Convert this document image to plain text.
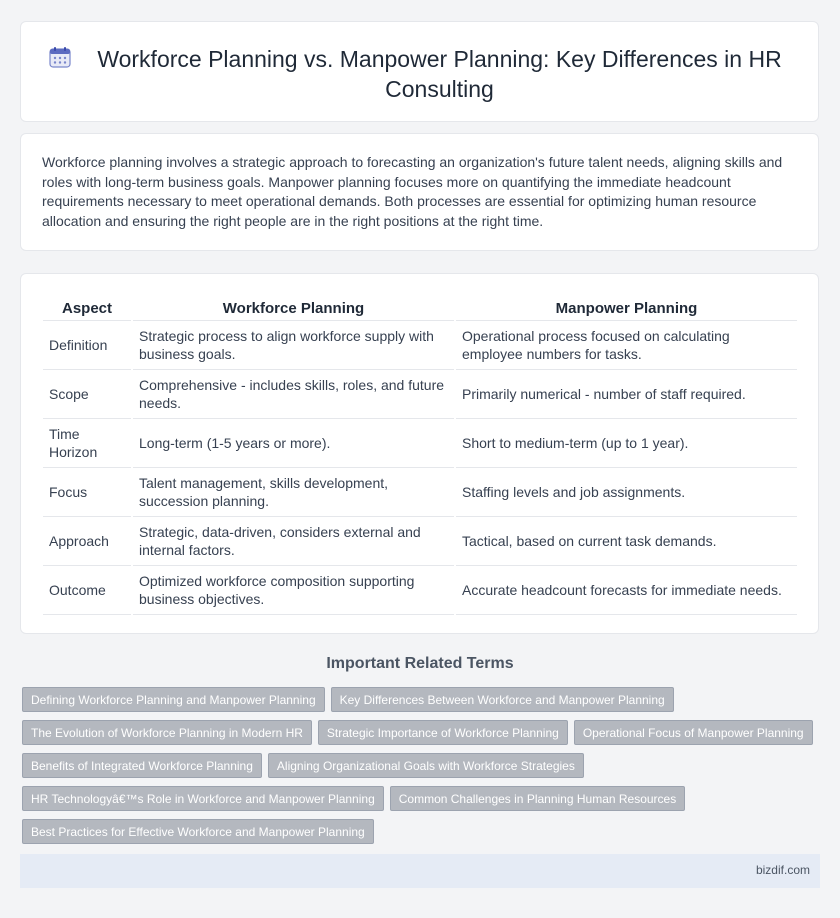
Workforce Planning vs. Manpower Planning: Key Differences in HR Consulting

Workforce planning involves a strategic approach to forecasting an organization's future talent needs, aligning skills and roles with long-term business goals. Manpower planning focuses more on quantifying the immediate headcount requirements necessary to meet operational demands. Both processes are essential for optimizing human resource allocation and ensuring the right people are in the right positions at the right time.

Aspect	Workforce Planning	Manpower Planning
Definition	Strategic process to align workforce supply with business goals.	Operational process focused on calculating employee numbers for tasks.
Scope	Comprehensive - includes skills, roles, and future needs.	Primarily numerical - number of staff required.
Time Horizon	Long-term (1-5 years or more).	Short to medium-term (up to 1 year).
Focus	Talent management, skills development, succession planning.	Staffing levels and job assignments.
Approach	Strategic, data-driven, considers external and internal factors.	Tactical, based on current task demands.
Outcome	Optimized workforce composition supporting business objectives.	Accurate headcount forecasts for immediate needs.
Important Related Terms
Defining Workforce Planning and Manpower Planning Key Differences Between Workforce and Manpower Planning
The Evolution of Workforce Planning in Modern HR Strategic Importance of Workforce Planning Operational Focus of Manpower Planning
Benefits of Integrated Workforce Planning Aligning Organizational Goals with Workforce Strategies
HR Technologyâ€™s Role in Workforce and Manpower Planning Common Challenges in Planning Human Resources
Best Practices for Effective Workforce and Manpower Planning
bizdif.com
